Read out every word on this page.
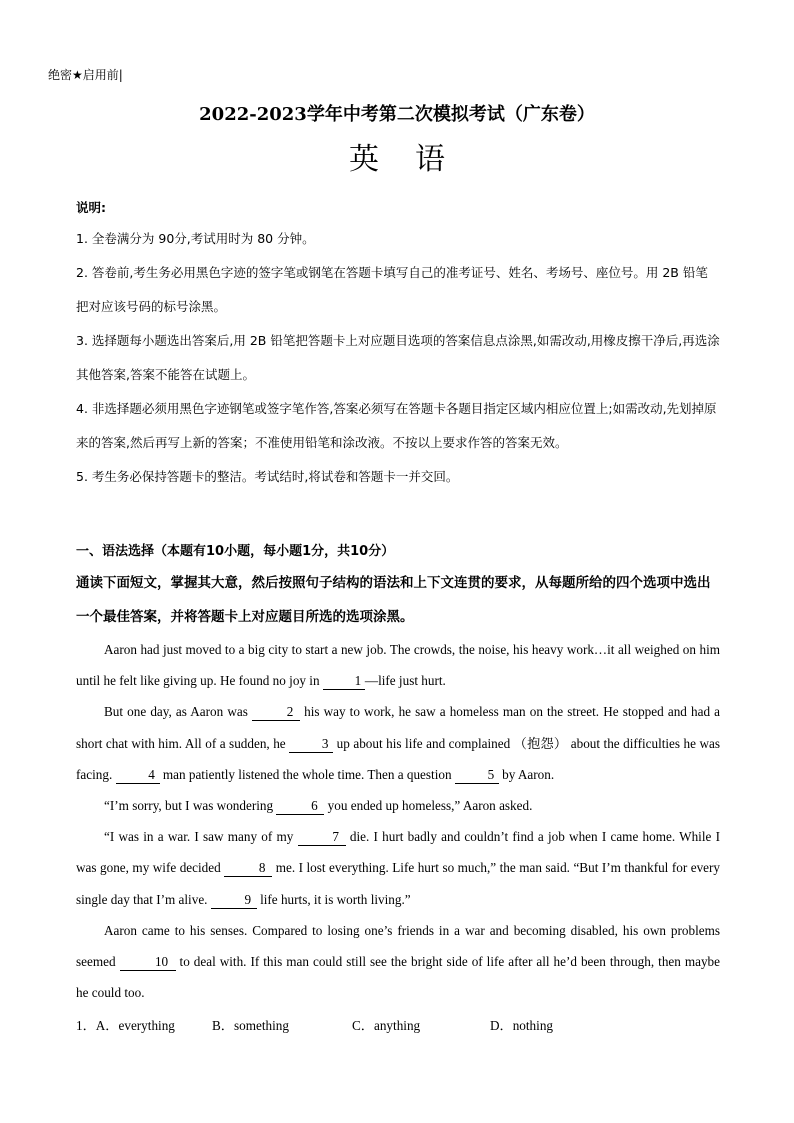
绝密★启用前|
2022-2023学年中考第二次模拟考试（广东卷）
英语
说明:
1. 全卷满分为 90分,考试用时为 80 分钟。
2. 答卷前,考生务必用黑色字迹的签字笔或钢笔在答题卡填写自己的准考证号、姓名、考场号、座位号。用 2B 铅笔把对应该号码的标号涂黑。
3. 选择题每小题选出答案后,用 2B 铅笔把答题卡上对应题目选项的答案信息点涂黑,如需改动,用橡皮擦干净后,再选涂其他答案,答案不能答在试题上。
4. 非选择题必须用黑色字迹钢笔或签字笔作答,答案必须写在答题卡各题目指定区域内相应位置上;如需改动,先划掉原来的答案,然后再写上新的答案；不准使用铅笔和涂改液。不按以上要求作答的答案无效。
5. 考生务必保持答题卡的整洁。考试结时,将试卷和答题卡一并交回。
一、语法选择（本题有10小题，每小题1分，共10分）
通读下面短文，掌握其大意，然后按照句子结构的语法和上下文连贯的要求，从每题所给的四个选项中选出一个最佳答案，并将答题卡上对应题目所选的选项涂黑。

Aaron had just moved to a big city to start a new job. The crowds, the noise, his heavy work…it all weighed on him until he felt like giving up. He found no joy in 1 —life just hurt.

But one day, as Aaron was	2 his way to work, he saw a homeless man on the street. He stopped and had a short chat with him. All of a sudden, he 3 up about his life and complained （抱怨） about the difficulties he was facing. 4 man patiently listened the whole time. Then a question 5 by Aaron.

“I’m sorry, but I was wondering	6 you ended up homeless,” Aaron asked.

“I was in a war. I saw many of my	7 die. I hurt badly and couldn’t find a job when I came home. While I was gone, my wife decided	8 me. I lost everything. Life hurt so much,” the man said. “But I’m thankful for every single day that I’m alive.	9 life hurts, it is worth living.”

Aaron came to his senses. Compared to losing one’s friends in a war and becoming disabled, his own problems seemed	10 to deal with. If this man could still see the bright side of life after all he’d been through, then maybe he could too.

1．A．everything	B．something	C．anything	D．nothing
